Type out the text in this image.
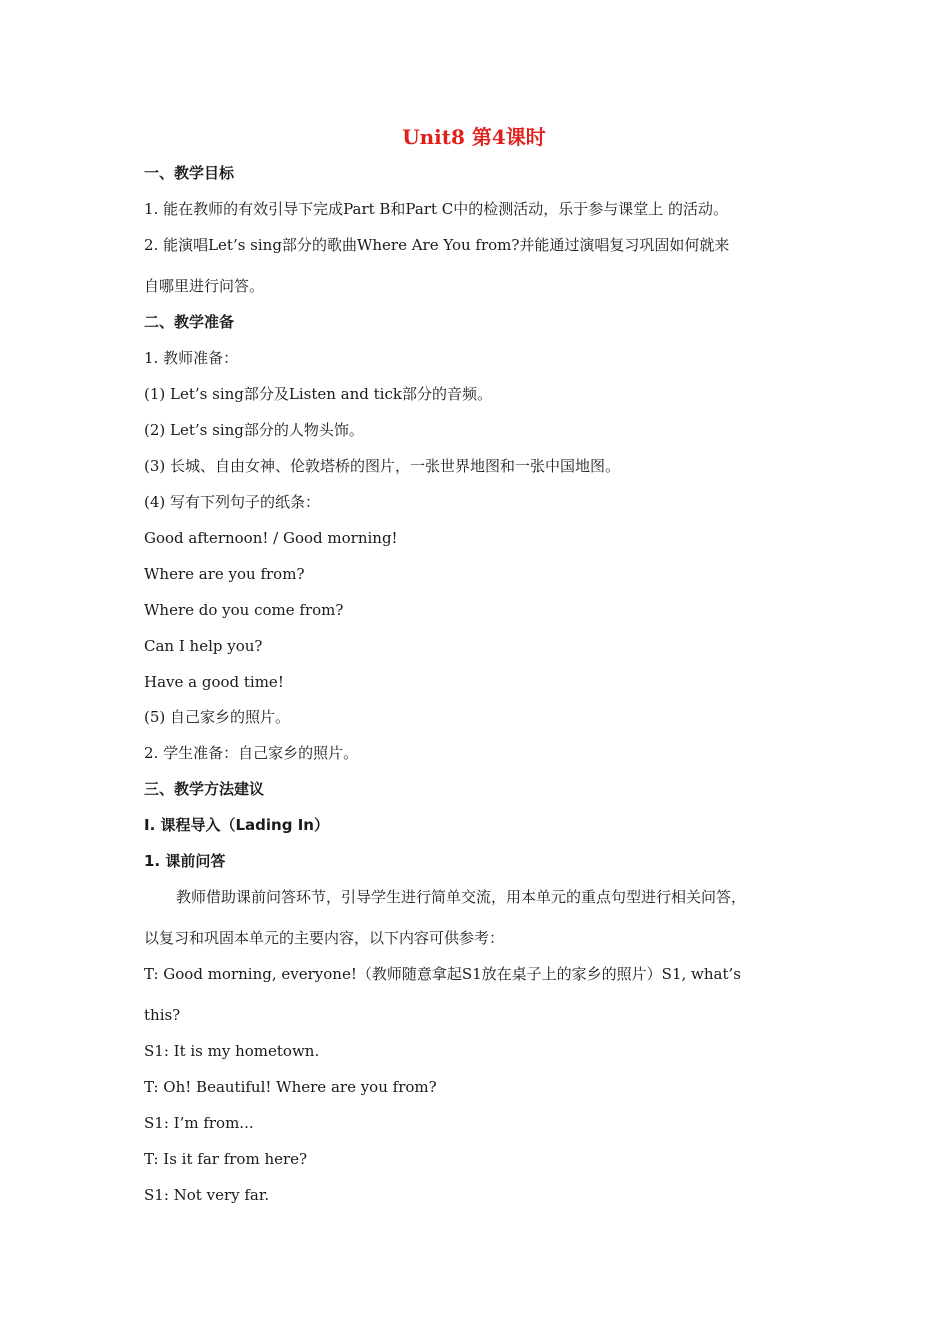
Unit8 第4课时
一、教学目标
1. 能在教师的有效引导下完成Part B和Part C中的检测活动，乐于参与课堂上 的活动。
2. 能演唱Let’s sing部分的歌曲Where Are You from?并能通过演唱复习巩固如何就来
自哪里进行问答。
二、教学准备
1. 教师准备：
(1) Let’s sing部分及Listen and tick部分的音频。
(2) Let’s sing部分的人物头饰。
(3) 长城、自由女神、伦敦塔桥的图片，一张世界地图和一张中国地图。
(4) 写有下列句子的纸条：
Good afternoon! / Good morning!
Where are you from?
Where do you come from?
Can I help you?
Have a good time!
(5) 自己家乡的照片。
2. 学生准备：自己家乡的照片。
三、教学方法建议
I. 课程导入（Lading In）
1. 课前问答
教师借助课前问答环节，引导学生进行简单交流，用本单元的重点句型进行相关问答，
以复习和巩固本单元的主要内容，以下内容可供参考：
T: Good morning, everyone!（教师随意拿起S1放在桌子上的家乡的照片）S1, what’s
this?
S1: It is my hometown.
T: Oh! Beautiful! Where are you from?
S1: I’m from...
T: Is it far from here?
S1: Not very far.
